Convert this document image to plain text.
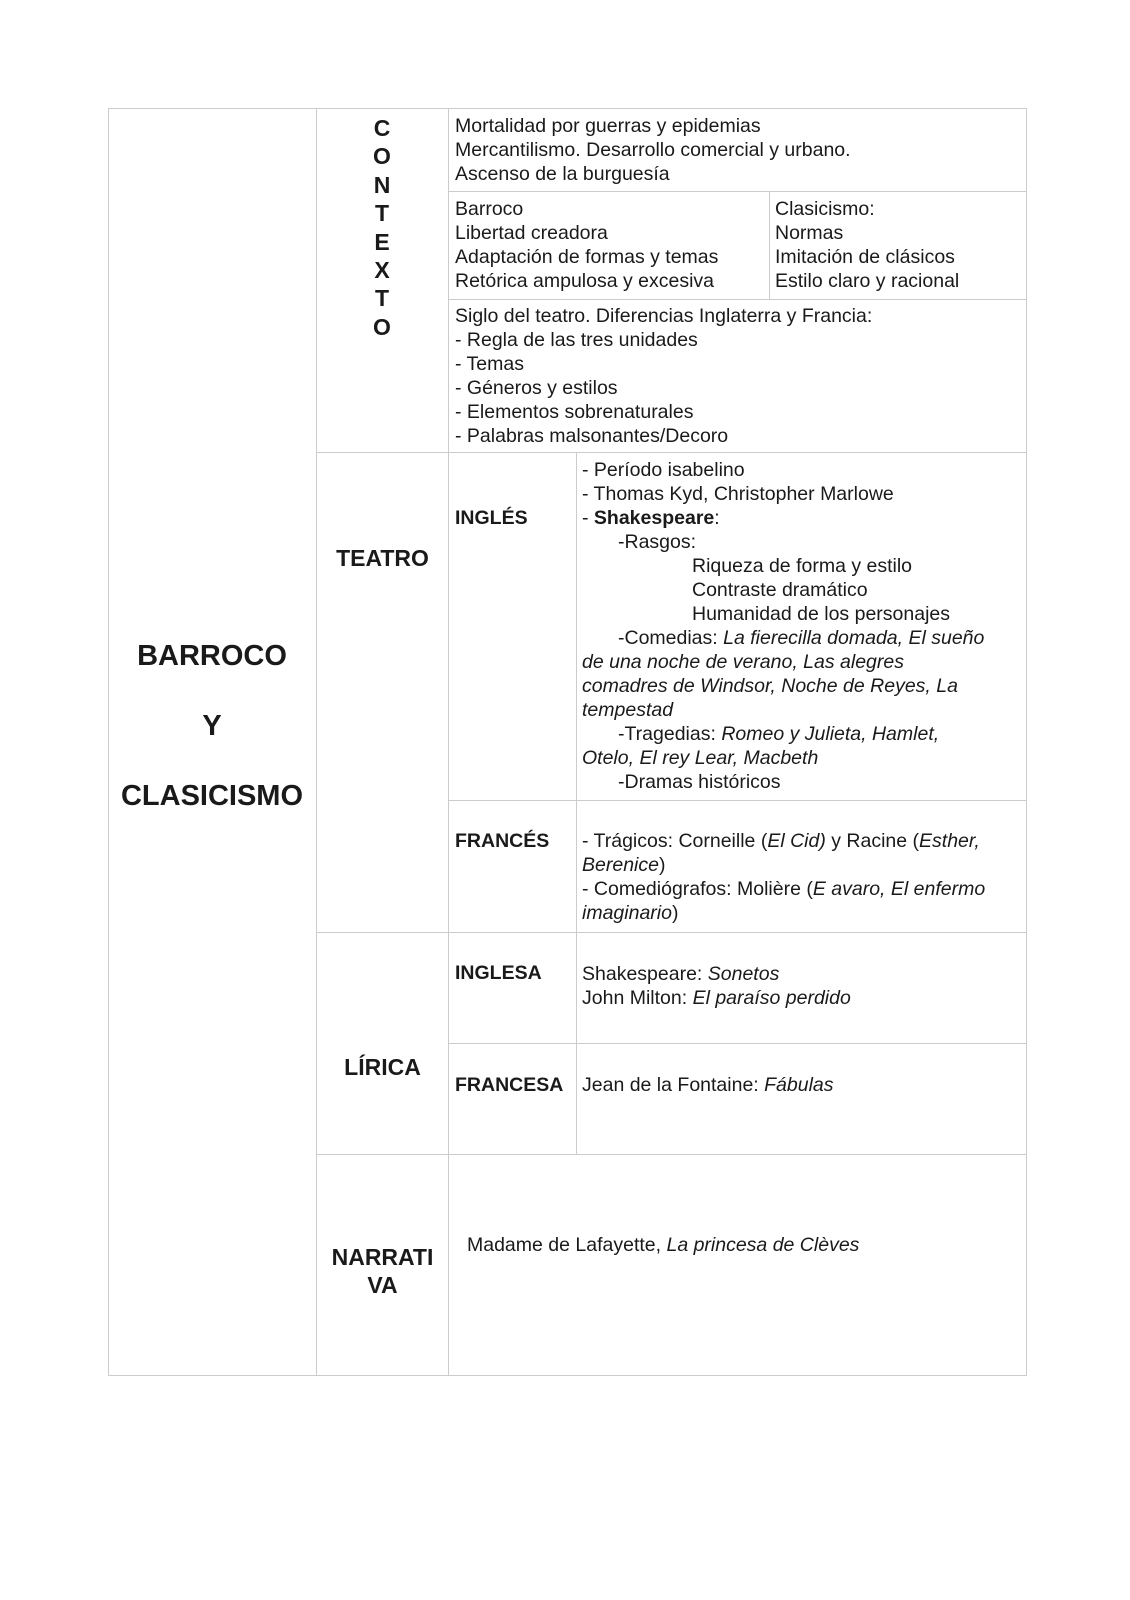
BARROCO
Y
CLASICISMO
C
O
N
T
E
X
T
O
TEATRO
LÍRICA
NARRATI
VA
Mortalidad por guerras y epidemias
Mercantilismo. Desarrollo comercial y urbano.
Ascenso de la burguesía
Barroco
Libertad creadora
Adaptación de formas y temas
Retórica ampulosa y excesiva
Clasicismo:
Normas
Imitación de clásicos
Estilo claro y racional
Siglo del teatro. Diferencias Inglaterra y Francia:
- Regla de las tres unidades
- Temas
- Géneros y estilos
- Elementos sobrenaturales
- Palabras malsonantes/Decoro
INGLÉS
- Período isabelino
- Thomas Kyd, Christopher Marlowe
- Shakespeare:
-Rasgos:
Riqueza de forma y estilo
Contraste dramático
Humanidad de los personajes
-Comedias: La fierecilla domada, El sueño
de una noche de verano, Las alegres
comadres de Windsor, Noche de Reyes, La
tempestad
-Tragedias: Romeo y Julieta, Hamlet,
Otelo, El rey Lear, Macbeth
-Dramas históricos
FRANCÉS - Trágicos: Corneille (El Cid) y Racine (Esther,
Berenice)
- Comediógrafos: Molière (E avaro, El enfermo
imaginario)
INGLESA Shakespeare: Sonetos
John Milton: El paraíso perdido
FRANCESA Jean de la Fontaine: Fábulas
Madame de Lafayette, La princesa de Clèves
